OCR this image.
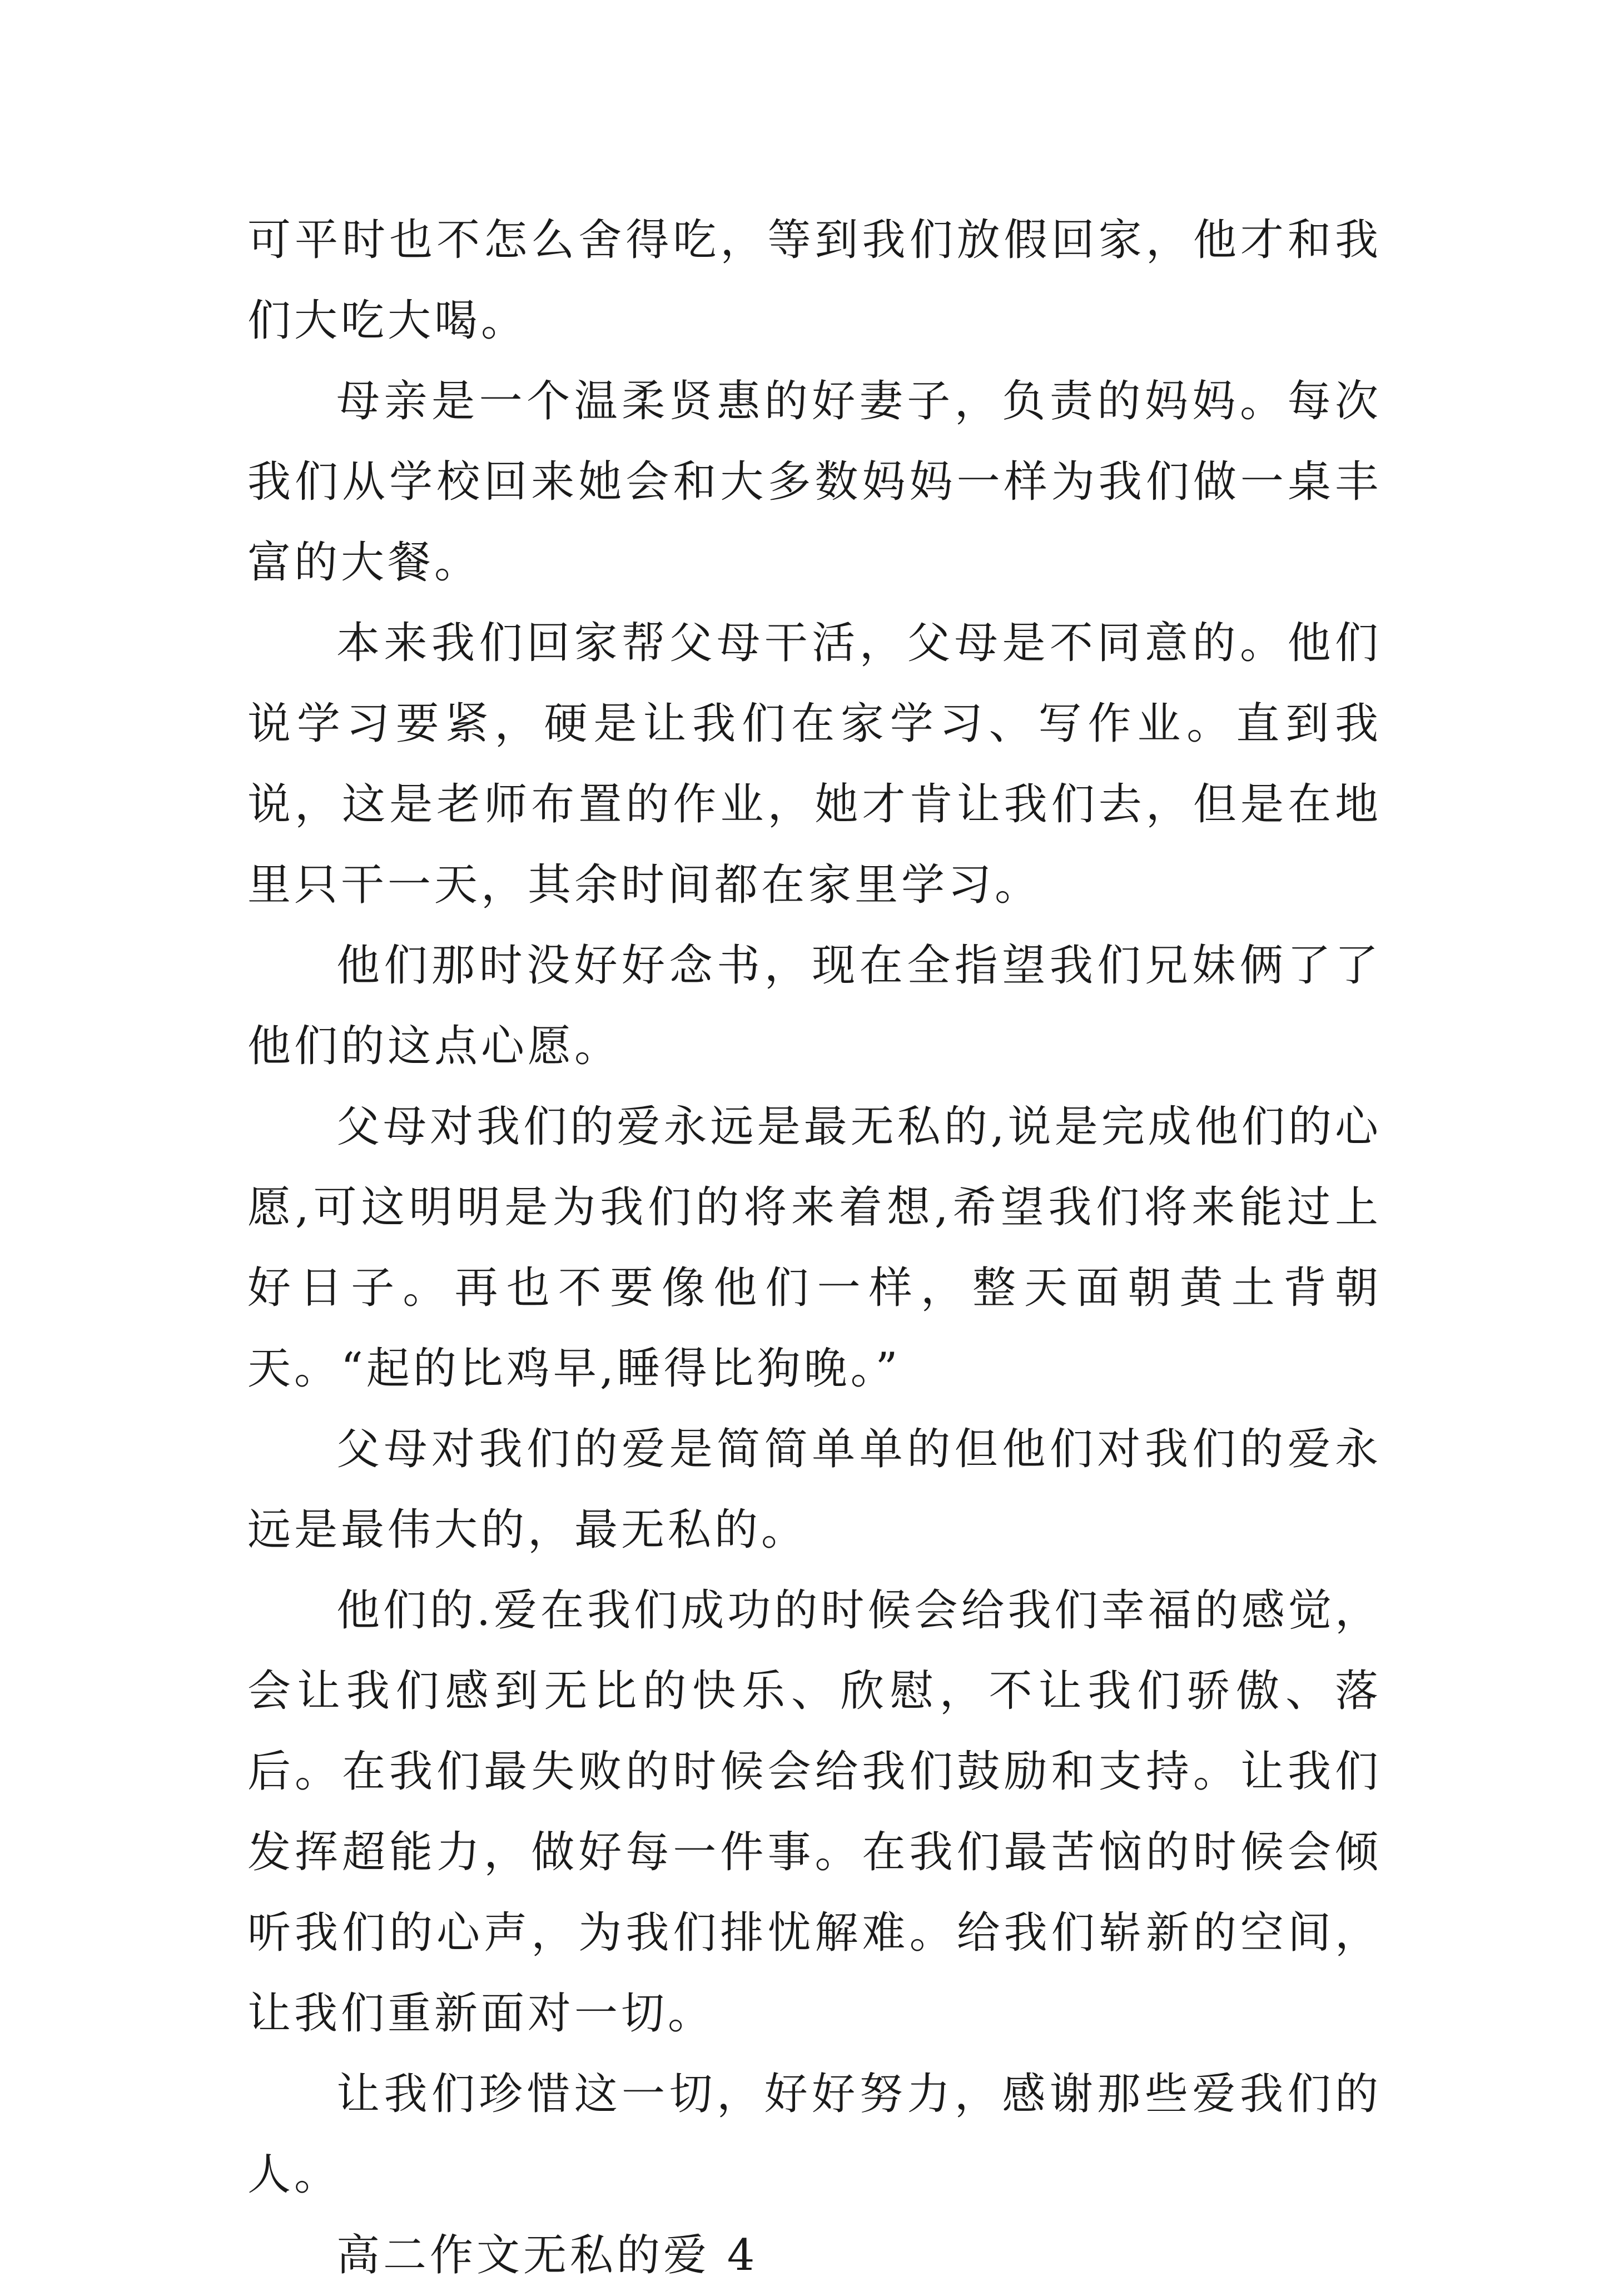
可平时也不怎么舍得吃，等到我们放假回家，他才和我们大吃大喝。

母亲是一个温柔贤惠的好妻子，负责的妈妈。每次我们从学校回来她会和大多数妈妈一样为我们做一桌丰富的大餐。

本来我们回家帮父母干活，父母是不同意的。他们说学习要紧，硬是让我们在家学习、写作业。直到我说，这是老师布置的作业，她才肯让我们去，但是在地里只干一天，其余时间都在家里学习。

他们那时没好好念书，现在全指望我们兄妹俩了了他们的这点心愿。

父母对我们的爱永远是最无私的,说是完成他们的心愿,可这明明是为我们的将来着想,希望我们将来能过上好日子。再也不要像他们一样，整天面朝黄土背朝天。“起的比鸡早,睡得比狗晚。”

父母对我们的爱是简简单单的但他们对我们的爱永远是最伟大的，最无私的。

他们的.爱在我们成功的时候会给我们幸福的感觉，会让我们感到无比的快乐、欣慰，不让我们骄傲、落后。在我们最失败的时候会给我们鼓励和支持。让我们发挥超能力，做好每一件事。在我们最苦恼的时候会倾听我们的心声，为我们排忧解难。给我们崭新的空间，让我们重新面对一切。

让我们珍惜这一切，好好努力，感谢那些爱我们的人。

高二作文无私的爱 4
